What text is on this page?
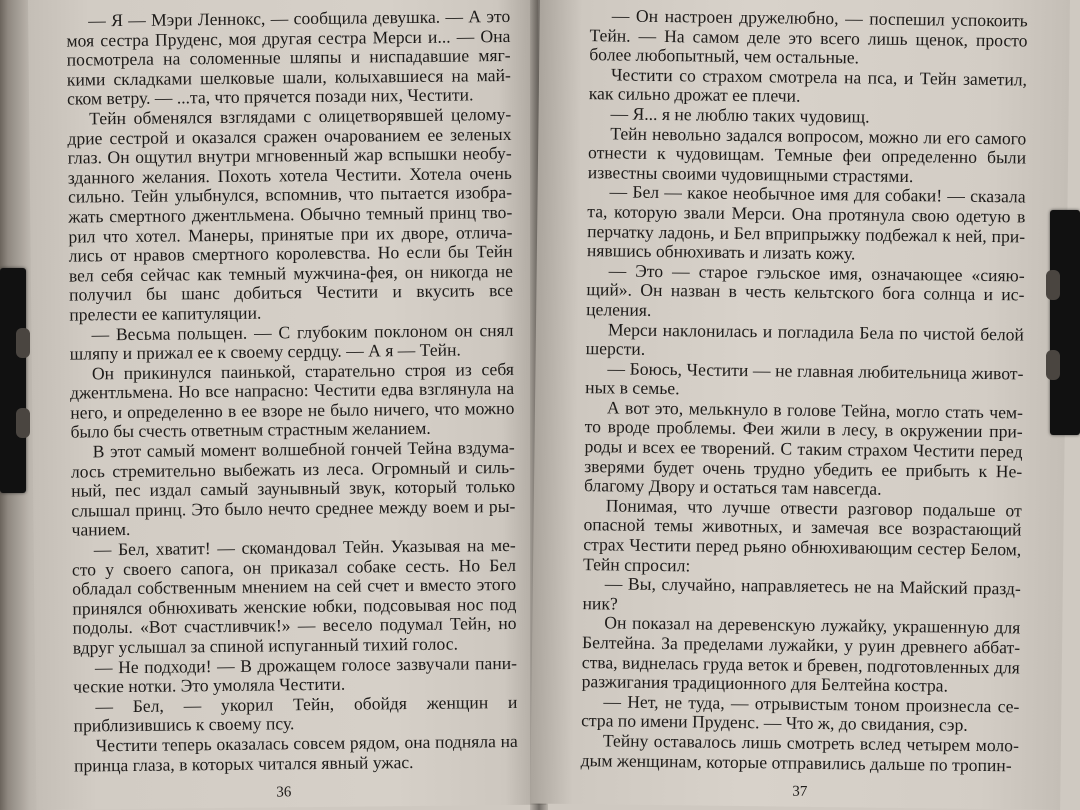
— Я — Мэри Леннокс, — сообщила девушка. — А это моя сестра Пруденс, моя другая сестра Мерси и... — Она посмотрела на соломенные шляпы и ниспадавшие мягкими складками шелковые шали, колыхавшиеся на майском ветру. — ...та, что прячется позади них, Честити.

Тейн обменялся взглядами с олицетворявшей целомудрие сестрой и оказался сражен очарованием ее зеленых глаз. Он ощутил внутри мгновенный жар вспышки необузданного желания. Похоть хотела Честити. Хотела очень сильно. Тейн улыбнулся, вспомнив, что пытается изображать смертного джентльмена. Обычно темный принц творил что хотел. Манеры, принятые при их дворе, отличались от нравов смертного королевства. Но если бы Тейн вел себя сейчас как темный мужчина-фея, он никогда не получил бы шанс добиться Честити и вкусить все прелести ее капитуляции.

— Весьма польщен. — С глубоким поклоном он снял шляпу и прижал ее к своему сердцу. — А я — Тейн.

Он прикинулся паинькой, старательно строя из себя джентльмена. Но все напрасно: Честити едва взглянула на него, и определенно в ее взоре не было ничего, что можно было бы счесть ответным страстным желанием.

В этот самый момент волшебной гончей Тейна вздумалось стремительно выбежать из леса. Огромный и сильный, пес издал самый заунывный звук, который только слышал принц. Это было нечто среднее между воем и рычанием.

— Бел, хватит! — скомандовал Тейн. Указывая на место у своего сапога, он приказал собаке сесть. Но Бел обладал собственным мнением на сей счет и вместо этого принялся обнюхивать женские юбки, подсовывая нос под подолы. «Вот счастливчик!» — весело подумал Тейн, но вдруг услышал за спиной испуганный тихий голос.

— Не подходи! — В дрожащем голосе зазвучали панические нотки. Это умоляла Честити.

— Бел, — укорил Тейн, обойдя женщин и приблизившись к своему псу.

Честити теперь оказалась совсем рядом, она подняла на принца глаза, в которых читался явный ужас.

36

— Он настроен дружелюбно, — поспешил успокоить Тейн. — На самом деле это всего лишь щенок, просто более любопытный, чем остальные.

Честити со страхом смотрела на пса, и Тейн заметил, как сильно дрожат ее плечи.

— Я... я не люблю таких чудовищ.

Тейн невольно задался вопросом, можно ли его самого отнести к чудовищам. Темные феи определенно были известны своими чудовищными страстями.

— Бел — какое необычное имя для собаки! — сказала та, которую звали Мерси. Она протянула свою одетую в перчатку ладонь, и Бел вприпрыжку подбежал к ней, принявшись обнюхивать и лизать кожу.

— Это — старое гэльское имя, означающее «сияющий». Он назван в честь кельтского бога солнца и исцеления.

Мерси наклонилась и погладила Бела по чистой белой шерсти.

— Боюсь, Честити — не главная любительница животных в семье.

А вот это, мелькнуло в голове Тейна, могло стать чемто вроде проблемы. Феи жили в лесу, в окружении природы и всех ее творений. С таким страхом Честити перед зверями будет очень трудно убедить ее прибыть к Неблагому Двору и остаться там навсегда.

Понимая, что лучше отвести разговор подальше от опасной темы животных, и замечая все возрастающий страх Честити перед рьяно обнюхивающим сестер Белом, Тейн спросил:

— Вы, случайно, направляетесь не на Майский праздник?

Он показал на деревенскую лужайку, украшенную для Белтейна. За пределами лужайки, у руин древнего аббатства, виднелась груда веток и бревен, подготовленных для разжигания традиционного для Белтейна костра.

— Нет, не туда, — отрывистым тоном произнесла сестра по имени Пруденс. — Что ж, до свидания, сэр.

Тейну оставалось лишь смотреть вслед четырем молодым женщинам, которые отправились дальше по тропин-

37
